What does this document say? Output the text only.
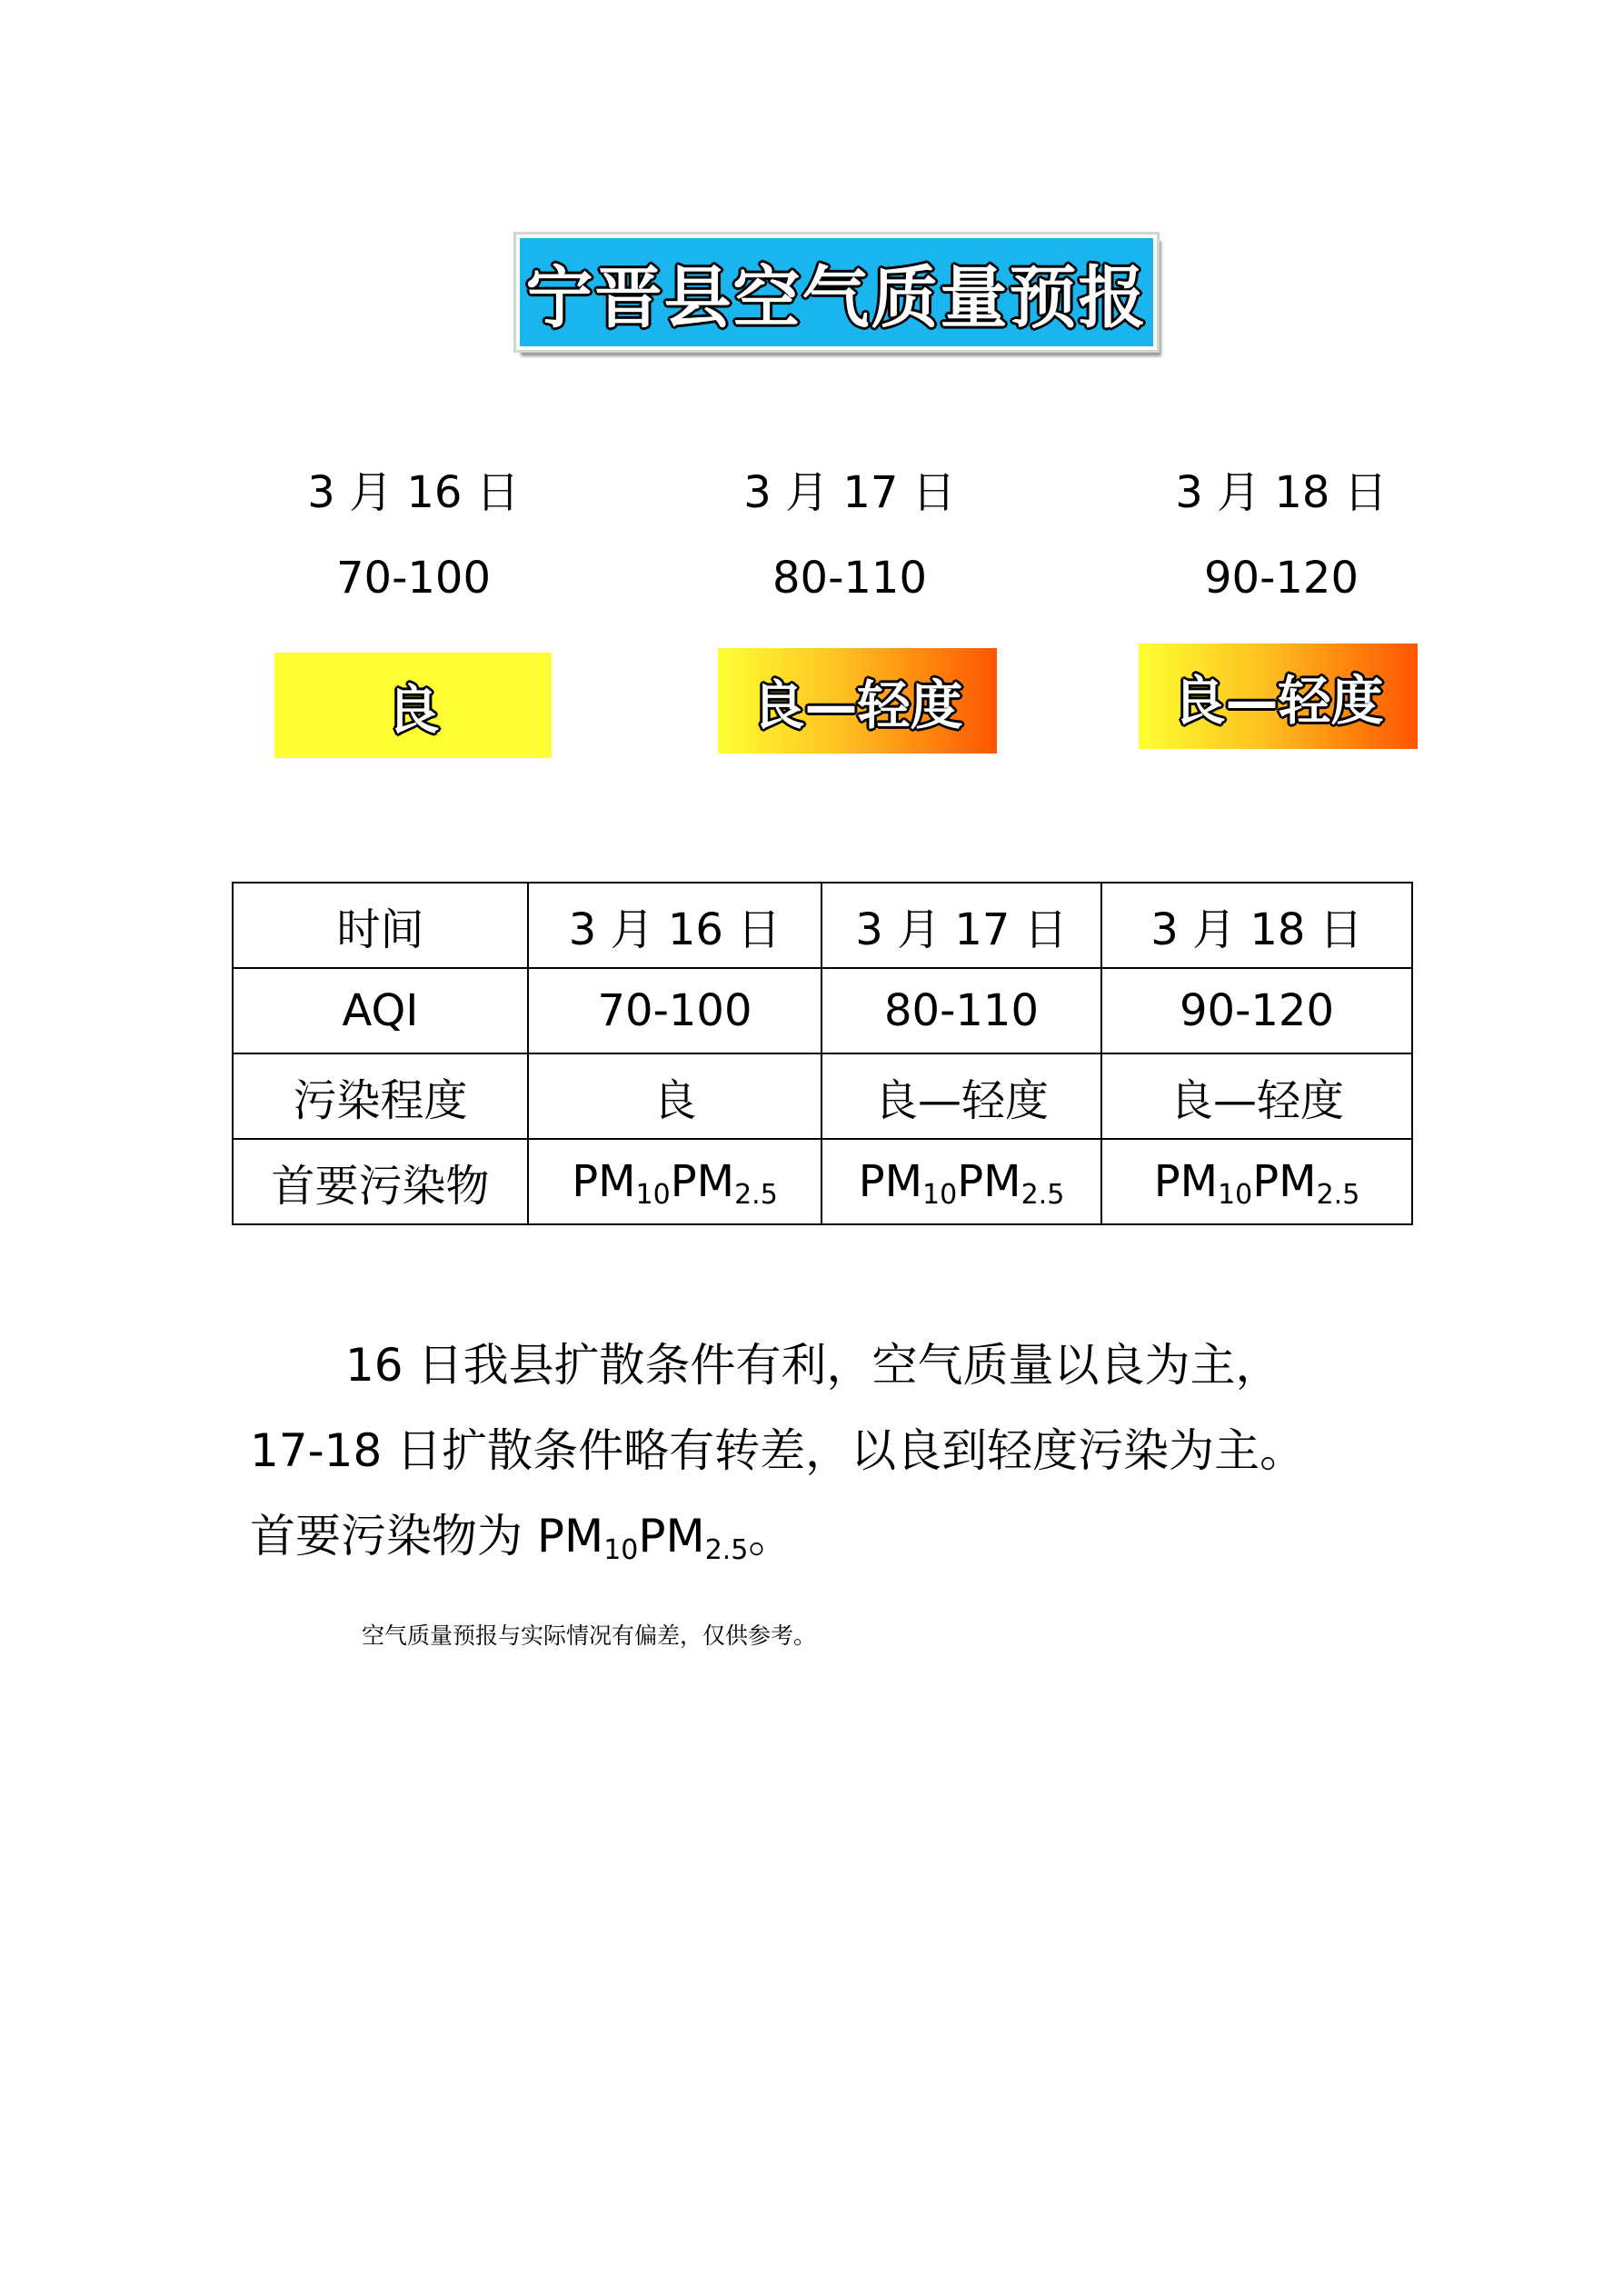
宁晋县空气质量预报
3 月 16 日
70-100
3 月 17 日
80-110
3 月 18 日
90-120
良	良—轻度	良—轻度
时间	3 月 16 日	3 月 17 日	3 月 18 日
AQI	70-100	80-110	90-120
污染程度	良	良—轻度	良—轻度
首要污染物	$PM_{10}PM_{2.5}$	$PM_{10}PM_{2.5}$	$PM_{10}PM_{2.5}$

16 日我县扩散条件有利，空气质量以良为主，

17-18 日扩散条件略有转差，以良到轻度污染为主。

首要污染物为 $PM_{10}PM_{2.5}$。

空气质量预报与实际情况有偏差，仅供参考。
